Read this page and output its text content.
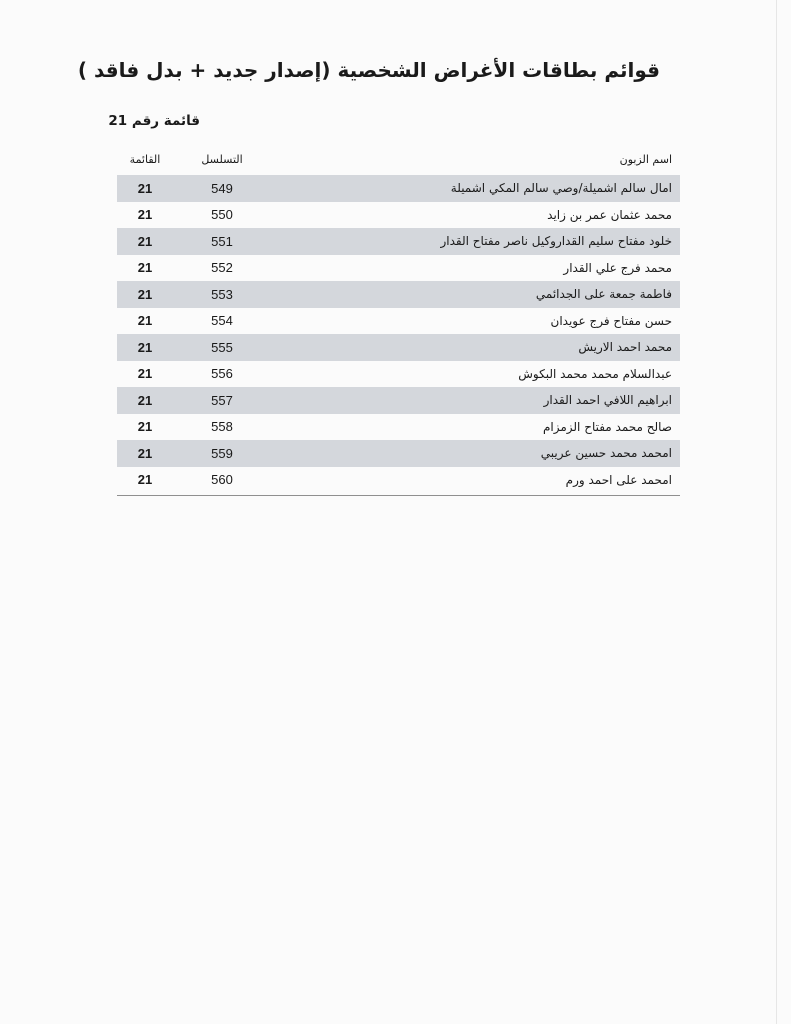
قوائم بطاقات الأغراض الشخصية (إصدار جديد + بدل فاقد )
قائمة رقم 21
اسم الزبون
التسلسل
القائمة
امال سالم اشميلة/وصي سالم المكي اشميلة
549
21
محمد عثمان عمر بن زايد
550
21
خلود مفتاح سليم القداروكيل ناصر مفتاح القدار
551
21
محمد فرج علي القدار
552
21
فاطمة جمعة على الجدائمي
553
21
حسن مفتاح فرج عويدان
554
21
محمد احمد الاريش
555
21
عبدالسلام محمد محمد البكوش
556
21
ابراهيم اللافي احمد القدار
557
21
صالح محمد مفتاح الزمزام
558
21
امحمد محمد حسين عريبي
559
21
امحمد على احمد ورم
560
21
